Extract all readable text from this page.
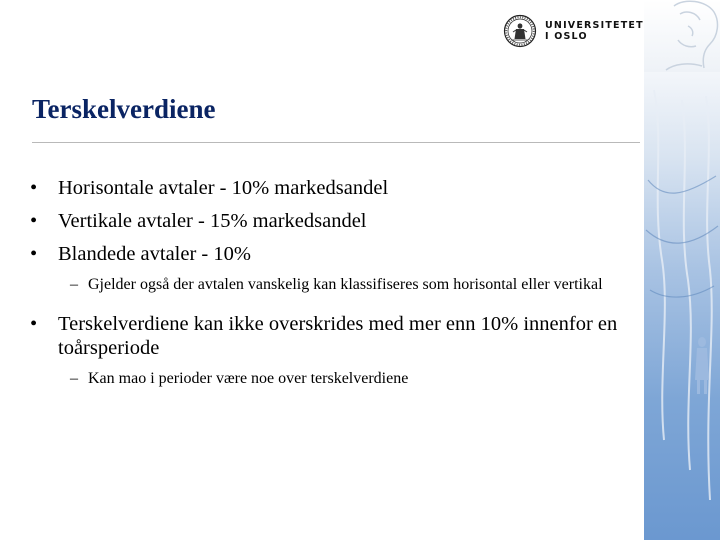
UNIVERSITETET
I OSLO
Terskelverdiene
• Horisontale avtaler - 10% markedsandel
• Vertikale avtaler - 15% markedsandel
• Blandede avtaler - 10%
– Gjelder også der avtalen vanskelig kan klassifiseres som horisontal eller vertikal
• Terskelverdiene kan ikke overskrides med mer enn 10% innenfor en toårsperiode
– Kan mao i perioder være noe over terskelverdiene
